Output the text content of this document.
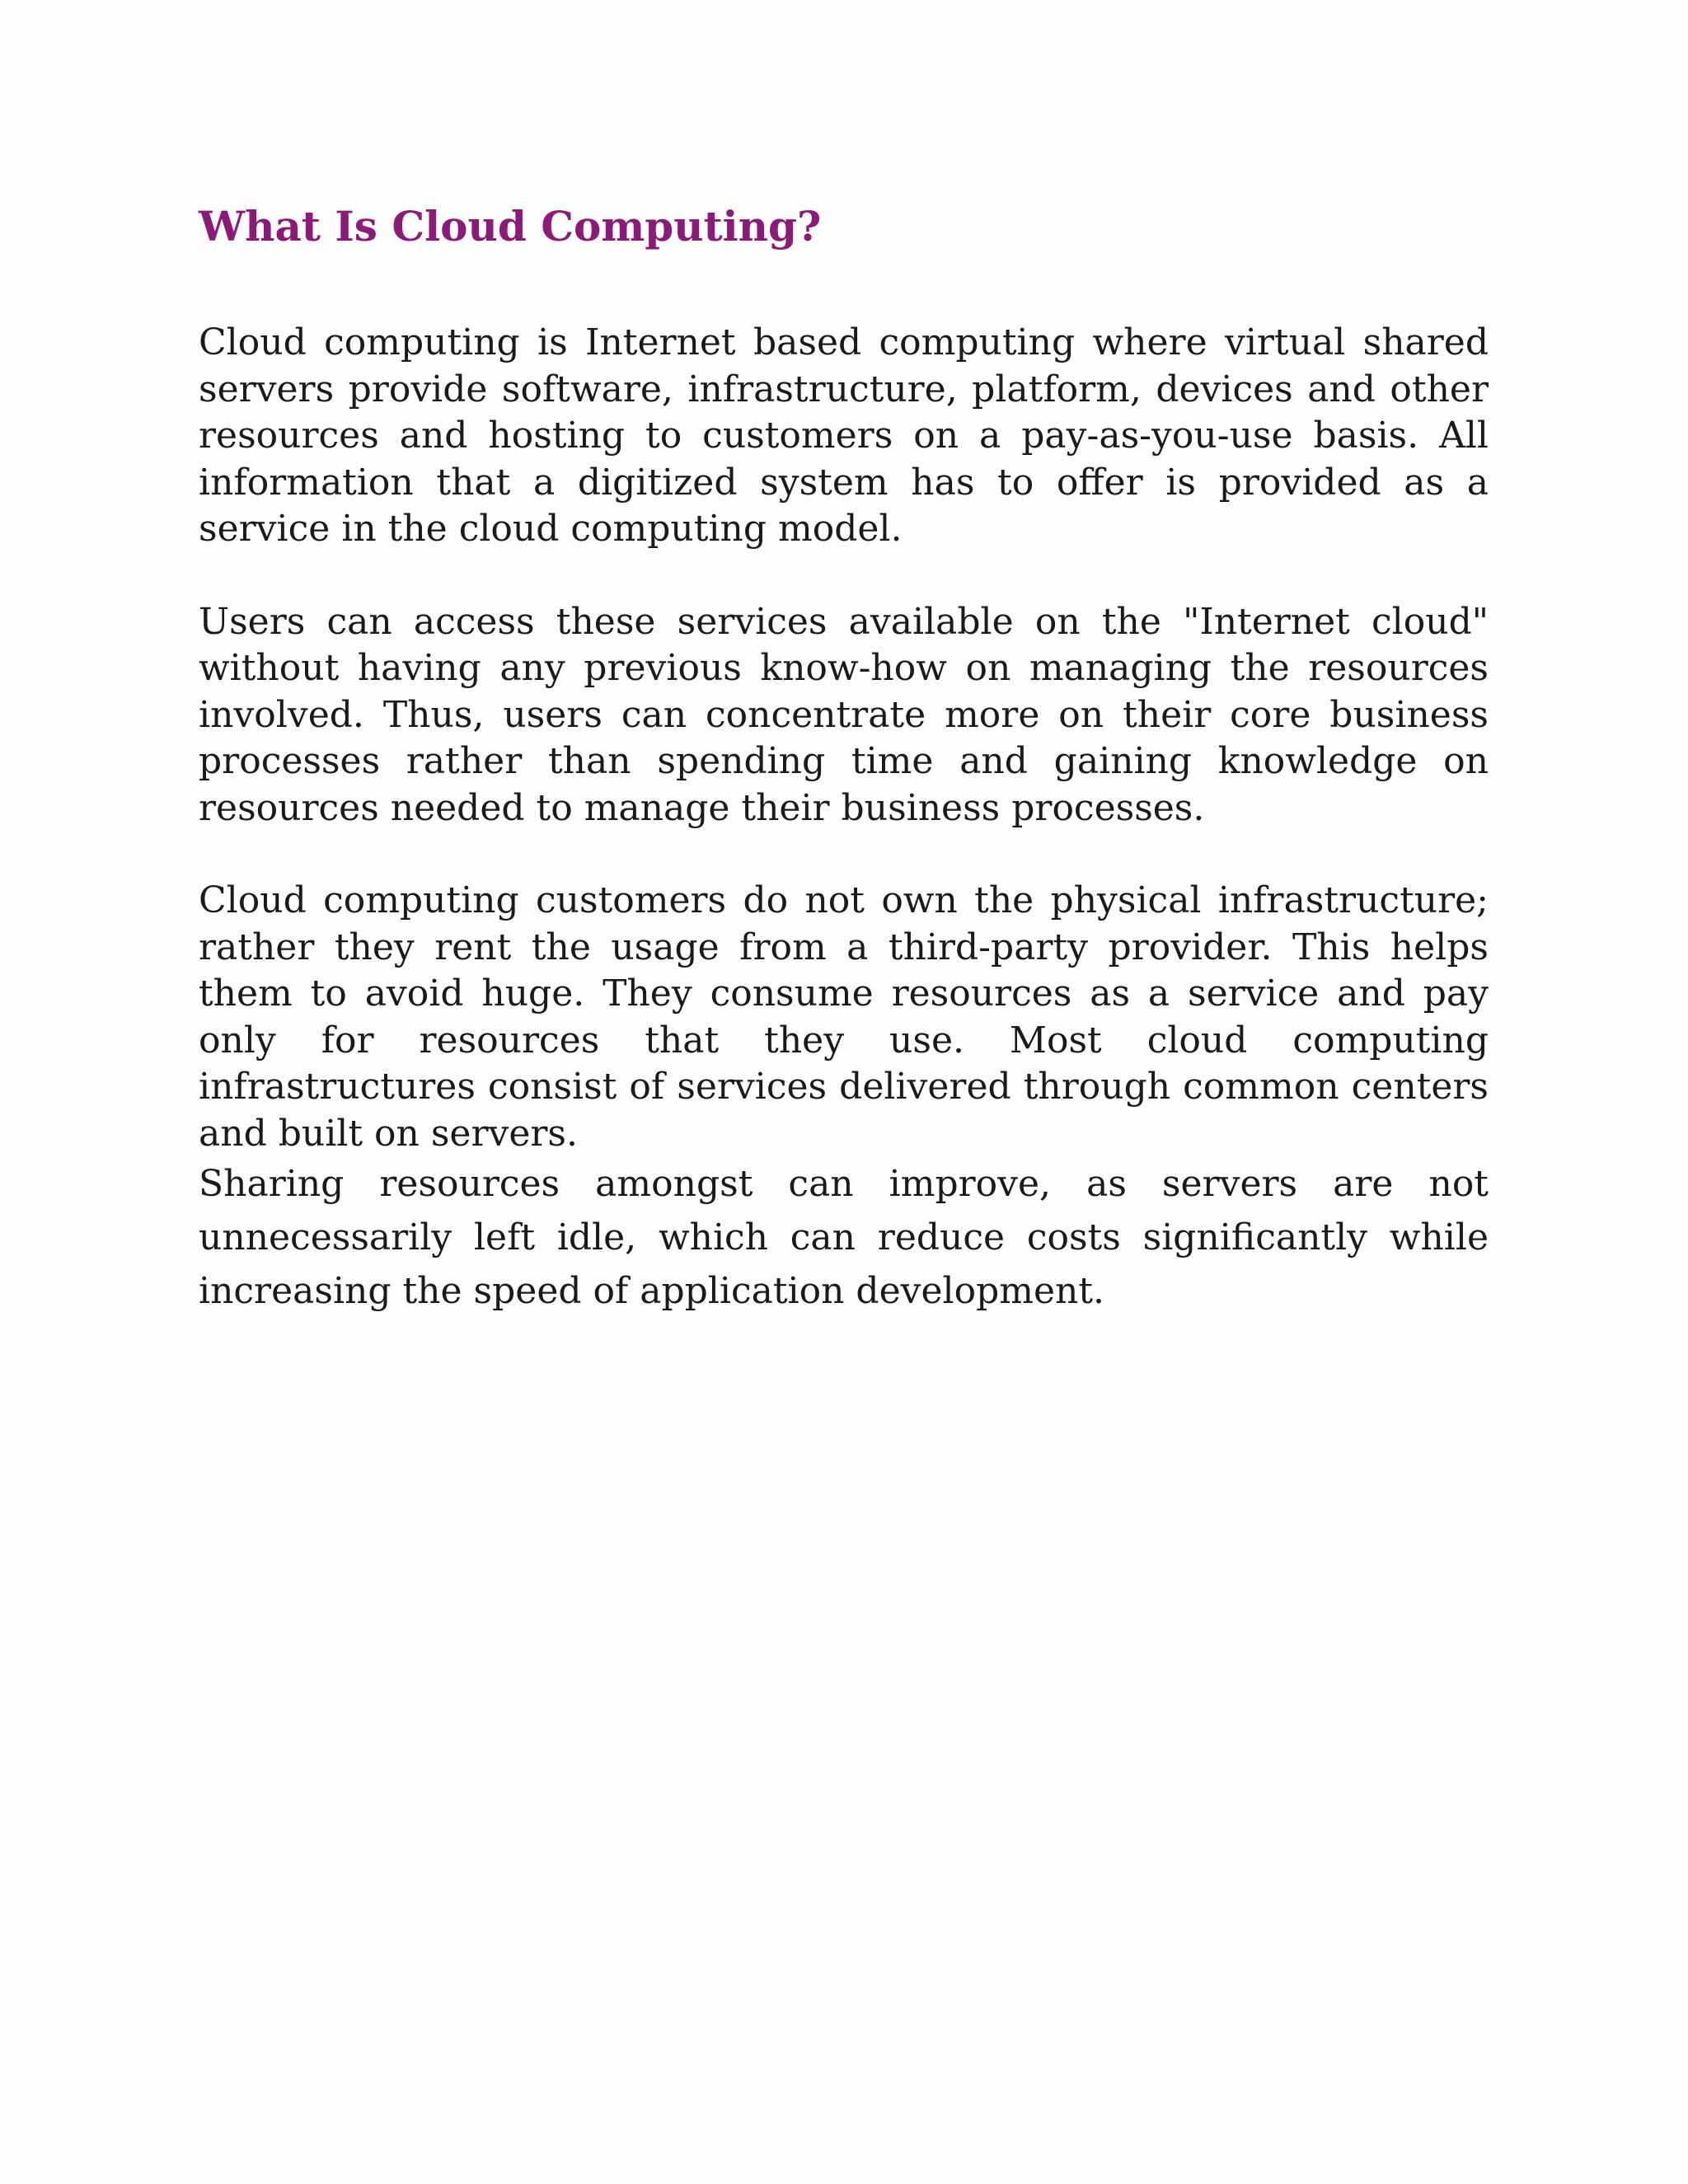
What Is Cloud Computing?

Cloud computing is Internet based computing where virtual shared servers provide software, infrastructure, platform, devices and other resources and hosting to customers on a pay-as-you-use basis. All information that a digitized system has to offer is provided as a service in the cloud computing model.

Users can access these services available on the "Internet cloud" without having any previous know-how on managing the resources involved. Thus, users can concentrate more on their core business processes rather than spending time and gaining knowledge on resources needed to manage their business processes.

Cloud computing customers do not own the physical infrastructure; rather they rent the usage from a third-party provider. This helps them to avoid huge. They consume resources as a service and pay only for resources that they use. Most cloud computing infrastructures consist of services delivered through common centers and built on servers.

Sharing resources amongst can improve, as servers are not unnecessarily left idle, which can reduce costs significantly while increasing the speed of application development.
